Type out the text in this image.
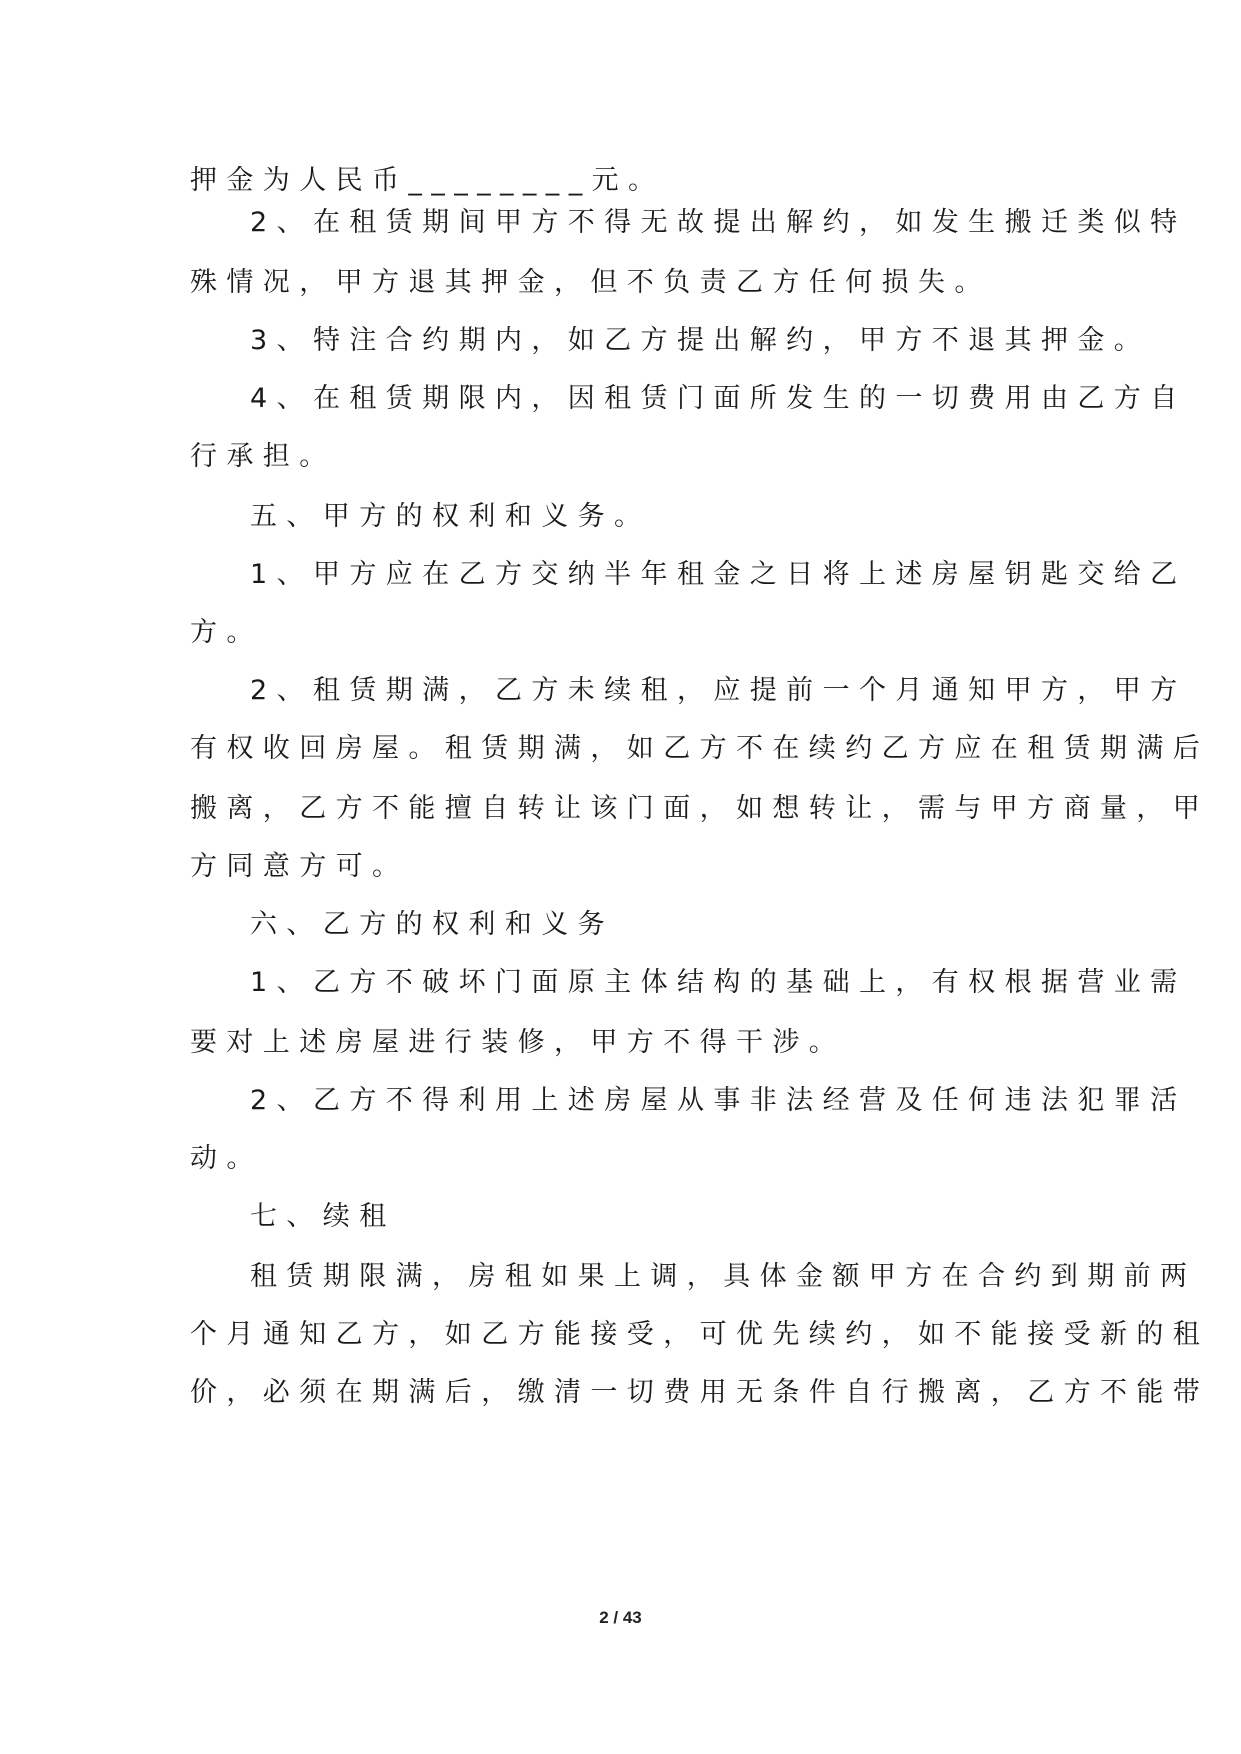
押金为人民币________元。
2、在租赁期间甲方不得无故提出解约，如发生搬迁类似特
殊情况，甲方退其押金，但不负责乙方任何损失。
3、特注合约期内，如乙方提出解约，甲方不退其押金。
4、在租赁期限内，因租赁门面所发生的一切费用由乙方自
行承担。
五、甲方的权利和义务。
1、甲方应在乙方交纳半年租金之日将上述房屋钥匙交给乙
方。
2、租赁期满，乙方未续租，应提前一个月通知甲方，甲方
有权收回房屋。租赁期满，如乙方不在续约乙方应在租赁期满后
搬离，乙方不能擅自转让该门面，如想转让，需与甲方商量，甲
方同意方可。
六、乙方的权利和义务
1、乙方不破坏门面原主体结构的基础上，有权根据营业需
要对上述房屋进行装修，甲方不得干涉。
2、乙方不得利用上述房屋从事非法经营及任何违法犯罪活
动。
七、续租
租赁期限满，房租如果上调，具体金额甲方在合约到期前两
个月通知乙方，如乙方能接受，可优先续约，如不能接受新的租
价，必须在期满后，缴清一切费用无条件自行搬离，乙方不能带
2 / 43
